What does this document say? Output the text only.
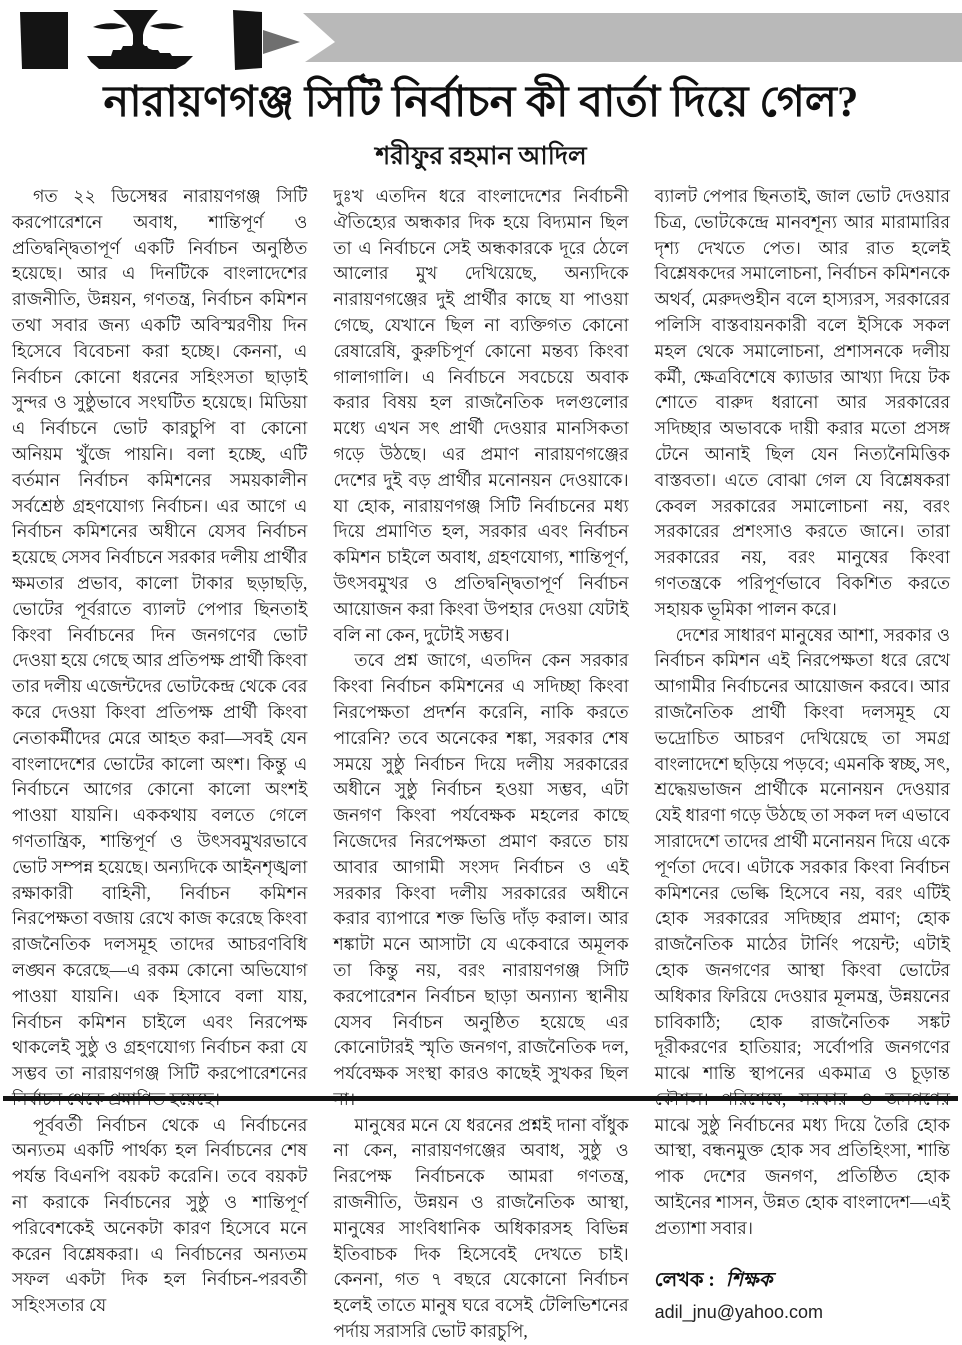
নারায়ণগঞ্জ সিটি নির্বাচন কী বার্তা দিয়ে গেল?
শরীফুর রহমান আদিল

গত ২২ ডিসেম্বর নারায়ণগঞ্জ সিটি করপোরেশনে অবাধ, শান্তিপূর্ণ ও প্রতিদ্বন্দ্বিতাপূর্ণ একটি নির্বাচন অনুষ্ঠিত হয়েছে। আর এ দিনটিকে বাংলাদেশের রাজনীতি, উন্নয়ন, গণতন্ত্র, নির্বাচন কমিশন তথা সবার জন্য একটি অবিস্মরণীয় দিন হিসেবে বিবেচনা করা হচ্ছে। কেননা, এ নির্বাচন কোনো ধরনের সহিংসতা ছাড়াই সুন্দর ও সুষ্ঠুভাবে সংঘটিত হয়েছে। মিডিয়া এ নির্বাচনে ভোট কারচুপি বা কোনো অনিয়ম খুঁজে পায়নি। বলা হচ্ছে, এটি বর্তমান নির্বাচন কমিশনের সময়কালীন সর্বশ্রেষ্ঠ গ্রহণযোগ্য নির্বাচন। এর আগে এ নির্বাচন কমিশনের অধীনে যেসব নির্বাচন হয়েছে সেসব নির্বাচনে সরকার দলীয় প্রার্থীর ক্ষমতার প্রভাব, কালো টাকার ছড়াছড়ি, ভোটের পূর্বরাতে ব্যালট পেপার ছিনতাই কিংবা নির্বাচনের দিন জনগণের ভোট দেওয়া হয়ে গেছে আর প্রতিপক্ষ প্রার্থী কিংবা তার দলীয় এজেন্টদের ভোটকেন্দ্র থেকে বের করে দেওয়া কিংবা প্রতিপক্ষ প্রার্থী কিংবা নেতাকর্মীদের মেরে আহত করা—সবই যেন বাংলাদেশের ভোটের কালো অংশ। কিন্তু এ নির্বাচনে আগের কোনো কালো অংশই পাওয়া যায়নি। এককথায় বলতে গেলে গণতান্ত্রিক, শান্তিপূর্ণ ও উৎসবমুখরভাবে ভোট সম্পন্ন হয়েছে। অন্যদিকে আইনশৃঙ্খলা রক্ষাকারী বাহিনী, নির্বাচন কমিশন নিরপেক্ষতা বজায় রেখে কাজ করেছে কিংবা রাজনৈতিক দলসমূহ তাদের আচরণবিধি লঙ্ঘন করেছে—এ রকম কোনো অভিযোগ পাওয়া যায়নি। এক হিসাবে বলা যায়, নির্বাচন কমিশন চাইলে এবং নিরপেক্ষ থাকলেই সুষ্ঠু ও গ্রহণযোগ্য নির্বাচন করা যে সম্ভব তা নারায়ণগঞ্জ সিটি করপোরেশনের

পূর্ববর্তী নির্বাচন থেকে এ নির্বাচনের অন্যতম একটি পার্থক্য হল নির্বাচনের শেষ পর্যন্ত বিএনপি বয়কট করেনি। তবে বয়কট না করাকে নির্বাচনের সুষ্ঠু ও শান্তিপূর্ণ পরিবেশকেই অনেকটা কারণ হিসেবে মনে করেন বিশ্লেষকরা। এ নির্বাচনের অন্যতম সফল একটা দিক হল নির্বাচন-পরবর্তী সহিংসতার যে

দুঃখ এতদিন ধরে বাংলাদেশের নির্বাচনী ঐতিহ্যের অন্ধকার দিক হয়ে বিদ্যমান ছিল তা এ নির্বাচনে সেই অন্ধকারকে দূরে ঠেলে আলোর মুখ দেখিয়েছে, অন্যদিকে নারায়ণগঞ্জের দুই প্রার্থীর কাছে যা পাওয়া গেছে, যেখানে ছিল না ব্যক্তিগত কোনো রেষারেষি, কুরুচিপূর্ণ কোনো মন্তব্য কিংবা গালাগালি। এ নির্বাচনে সবচেয়ে অবাক করার বিষয় হল রাজনৈতিক দলগুলোর মধ্যে এখন সৎ প্রার্থী দেওয়ার মানসিকতা গড়ে উঠছে। এর প্রমাণ নারায়ণগঞ্জের দেশের দুই বড় প্রার্থীর মনোনয়ন দেওয়াকে। যা হোক, নারায়ণগঞ্জ সিটি নির্বাচনের মধ্য দিয়ে প্রমাণিত হল, সরকার এবং নির্বাচন কমিশন চাইলে অবাধ, গ্রহণযোগ্য, শান্তিপূর্ণ, উৎসবমুখর ও প্রতিদ্বন্দ্বিতাপূর্ণ নির্বাচন আয়োজন করা কিংবা উপহার দেওয়া যেটাই বলি না কেন, দুটোই সম্ভব।

তবে প্রশ্ন জাগে, এতদিন কেন সরকার কিংবা নির্বাচন কমিশনের এ সদিচ্ছা কিংবা নিরপেক্ষতা প্রদর্শন করেনি, নাকি করতে পারেনি? তবে অনেকের শঙ্কা, সরকার শেষ সময়ে সুষ্ঠু নির্বাচন দিয়ে দলীয় সরকারের অধীনে সুষ্ঠু নির্বাচন হওয়া সম্ভব, এটা জনগণ কিংবা পর্যবেক্ষক মহলের কাছে নিজেদের নিরপেক্ষতা প্রমাণ করতে চায় আবার আগামী সংসদ নির্বাচন ও এই সরকার কিংবা দলীয় সরকারের অধীনে করার ব্যাপারে শক্ত ভিত্তি দাঁড় করাল। আর শঙ্কাটা মনে আসাটা যে একেবারে অমূলক তা কিন্তু নয়, বরং নারায়ণগঞ্জ সিটি করপোরেশন নির্বাচন ছাড়া অন্যান্য স্থানীয় যেসব নির্বাচন অনুষ্ঠিত হয়েছে এর কোনোটারই স্মৃতি জনগণ, রাজনৈতিক দল, পর্যবেক্ষক সংস্থা কারও কাছেই সুখকর ছিল

মানুষের মনে যে ধরনের প্রশ্নই দানা বাঁধুক না কেন, নারায়ণগঞ্জের অবাধ, সুষ্ঠু ও নিরপেক্ষ নির্বাচনকে আমরা গণতন্ত্র, রাজনীতি, উন্নয়ন ও রাজনৈতিক আস্থা, মানুষের সাংবিধানিক অধিকারসহ বিভিন্ন ইতিবাচক দিক হিসেবেই দেখতে চাই। কেননা, গত ৭ বছরে যেকোনো নির্বাচন হলেই তাতে মানুষ ঘরে বসেই টেলিভিশনের পর্দায় সরাসরি ভোট কারচুপি,

ব্যালট পেপার ছিনতাই, জাল ভোট দেওয়ার চিত্র, ভোটকেন্দ্রে মানবশূন্য আর মারামারির দৃশ্য দেখতে পেত। আর রাত হলেই বিশ্লেষকদের সমালোচনা, নির্বাচন কমিশনকে অথর্ব, মেরুদণ্ডহীন বলে হাস্যরস, সরকারের পলিসি বাস্তবায়নকারী বলে ইসিকে সকল মহল থেকে সমালোচনা, প্রশাসনকে দলীয় কর্মী, ক্ষেত্রবিশেষে ক্যাডার আখ্যা দিয়ে টক শোতে বারুদ ধরানো আর সরকারের সদিচ্ছার অভাবকে দায়ী করার মতো প্রসঙ্গ টেনে আনাই ছিল যেন নিত্যনৈমিত্তিক বাস্তবতা। এতে বোঝা গেল যে বিশ্লেষকরা কেবল সরকারের সমালোচনা নয়, বরং সরকারের প্রশংসাও করতে জানে। তারা সরকারের নয়, বরং মানুষের কিংবা গণতন্ত্রকে পরিপূর্ণভাবে বিকশিত করতে সহায়ক ভূমিকা পালন করে।

দেশের সাধারণ মানুষের আশা, সরকার ও নির্বাচন কমিশন এই নিরপেক্ষতা ধরে রেখে আগামীর নির্বাচনের আয়োজন করবে। আর রাজনৈতিক প্রার্থী কিংবা দলসমূহ যে ভদ্রোচিত আচরণ দেখিয়েছে তা সমগ্র বাংলাদেশে ছড়িয়ে পড়বে; এমনকি স্বচ্ছ, সৎ, শ্রদ্ধেয়ভাজন প্রার্থীকে মনোনয়ন দেওয়ার যেই ধারণা গড়ে উঠছে তা সকল দল এভাবে সারাদেশে তাদের প্রার্থী মনোনয়ন দিয়ে একে পূর্ণতা দেবে। এটাকে সরকার কিংবা নির্বাচন কমিশনের ভেল্কি হিসেবে নয়, বরং এটিই হোক সরকারের সদিচ্ছার প্রমাণ; হোক রাজনৈতিক মাঠের টার্নিং পয়েন্ট; এটাই হোক জনগণের আস্থা কিংবা ভোটের অধিকার ফিরিয়ে দেওয়ার মূলমন্ত্র, উন্নয়নের চাবিকাঠি; হোক রাজনৈতিক সঙ্কট দূরীকরণের হাতিয়ার; সর্বোপরি জনগণের মাঝে শান্তি স্থাপনের একমাত্র ও চূড়ান্ত মাঝে সুষ্ঠু নির্বাচনের মধ্য দিয়ে তৈরি হোক আস্থা, বন্ধনমুক্ত হোক সব প্রতিহিংসা, শান্তি পাক দেশের জনগণ, প্রতিষ্ঠিত হোক আইনের শাসন, উন্নত হোক বাংলাদেশ—এই প্রত্যাশা সবার।

লেখক : শিক্ষক
adil_jnu@yahoo.com
